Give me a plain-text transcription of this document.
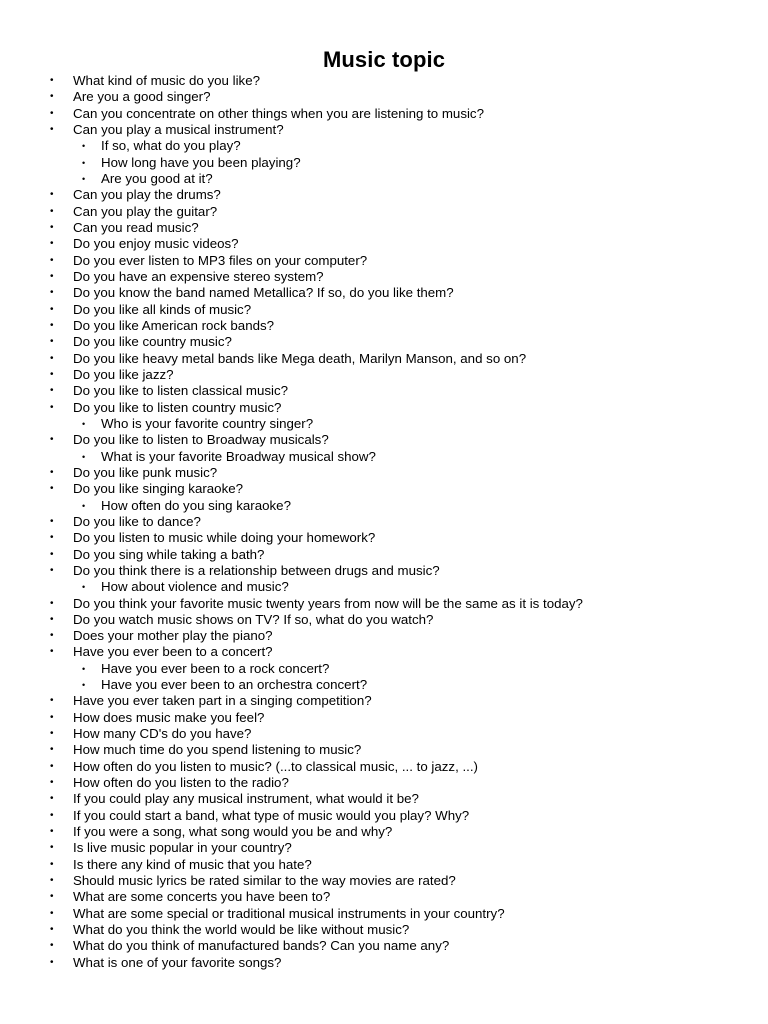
Music topic
• What kind of music do you like?
• Are you a good singer?
• Can you concentrate on other things when you are listening to music?
• Can you play a musical instrument?
• If so, what do you play?
• How long have you been playing?
• Are you good at it?
• Can you play the drums?
• Can you play the guitar?
• Can you read music?
• Do you enjoy music videos?
• Do you ever listen to MP3 files on your computer?
• Do you have an expensive stereo system?
• Do you know the band named Metallica? If so, do you like them?
• Do you like all kinds of music?
• Do you like American rock bands?
• Do you like country music?
• Do you like heavy metal bands like Mega death, Marilyn Manson, and so on?
• Do you like jazz?
• Do you like to listen classical music?
• Do you like to listen country music?
• Who is your favorite country singer?
• Do you like to listen to Broadway musicals?
• What is your favorite Broadway musical show?
• Do you like punk music?
• Do you like singing karaoke?
• How often do you sing karaoke?
• Do you like to dance?
• Do you listen to music while doing your homework?
• Do you sing while taking a bath?
• Do you think there is a relationship between drugs and music?
• How about violence and music?
• Do you think your favorite music twenty years from now will be the same as it is today?
• Do you watch music shows on TV? If so, what do you watch?
• Does your mother play the piano?
• Have you ever been to a concert?
• Have you ever been to a rock concert?
• Have you ever been to an orchestra concert?
• Have you ever taken part in a singing competition?
• How does music make you feel?
• How many CD's do you have?
• How much time do you spend listening to music?
• How often do you listen to music? (...to classical music, ... to jazz, ...)
• How often do you listen to the radio?
• If you could play any musical instrument, what would it be?
• If you could start a band, what type of music would you play? Why?
• If you were a song, what song would you be and why?
• Is live music popular in your country?
• Is there any kind of music that you hate?
• Should music lyrics be rated similar to the way movies are rated?
• What are some concerts you have been to?
• What are some special or traditional musical instruments in your country?
• What do you think the world would be like without music?
• What do you think of manufactured bands? Can you name any?
• What is one of your favorite songs?
